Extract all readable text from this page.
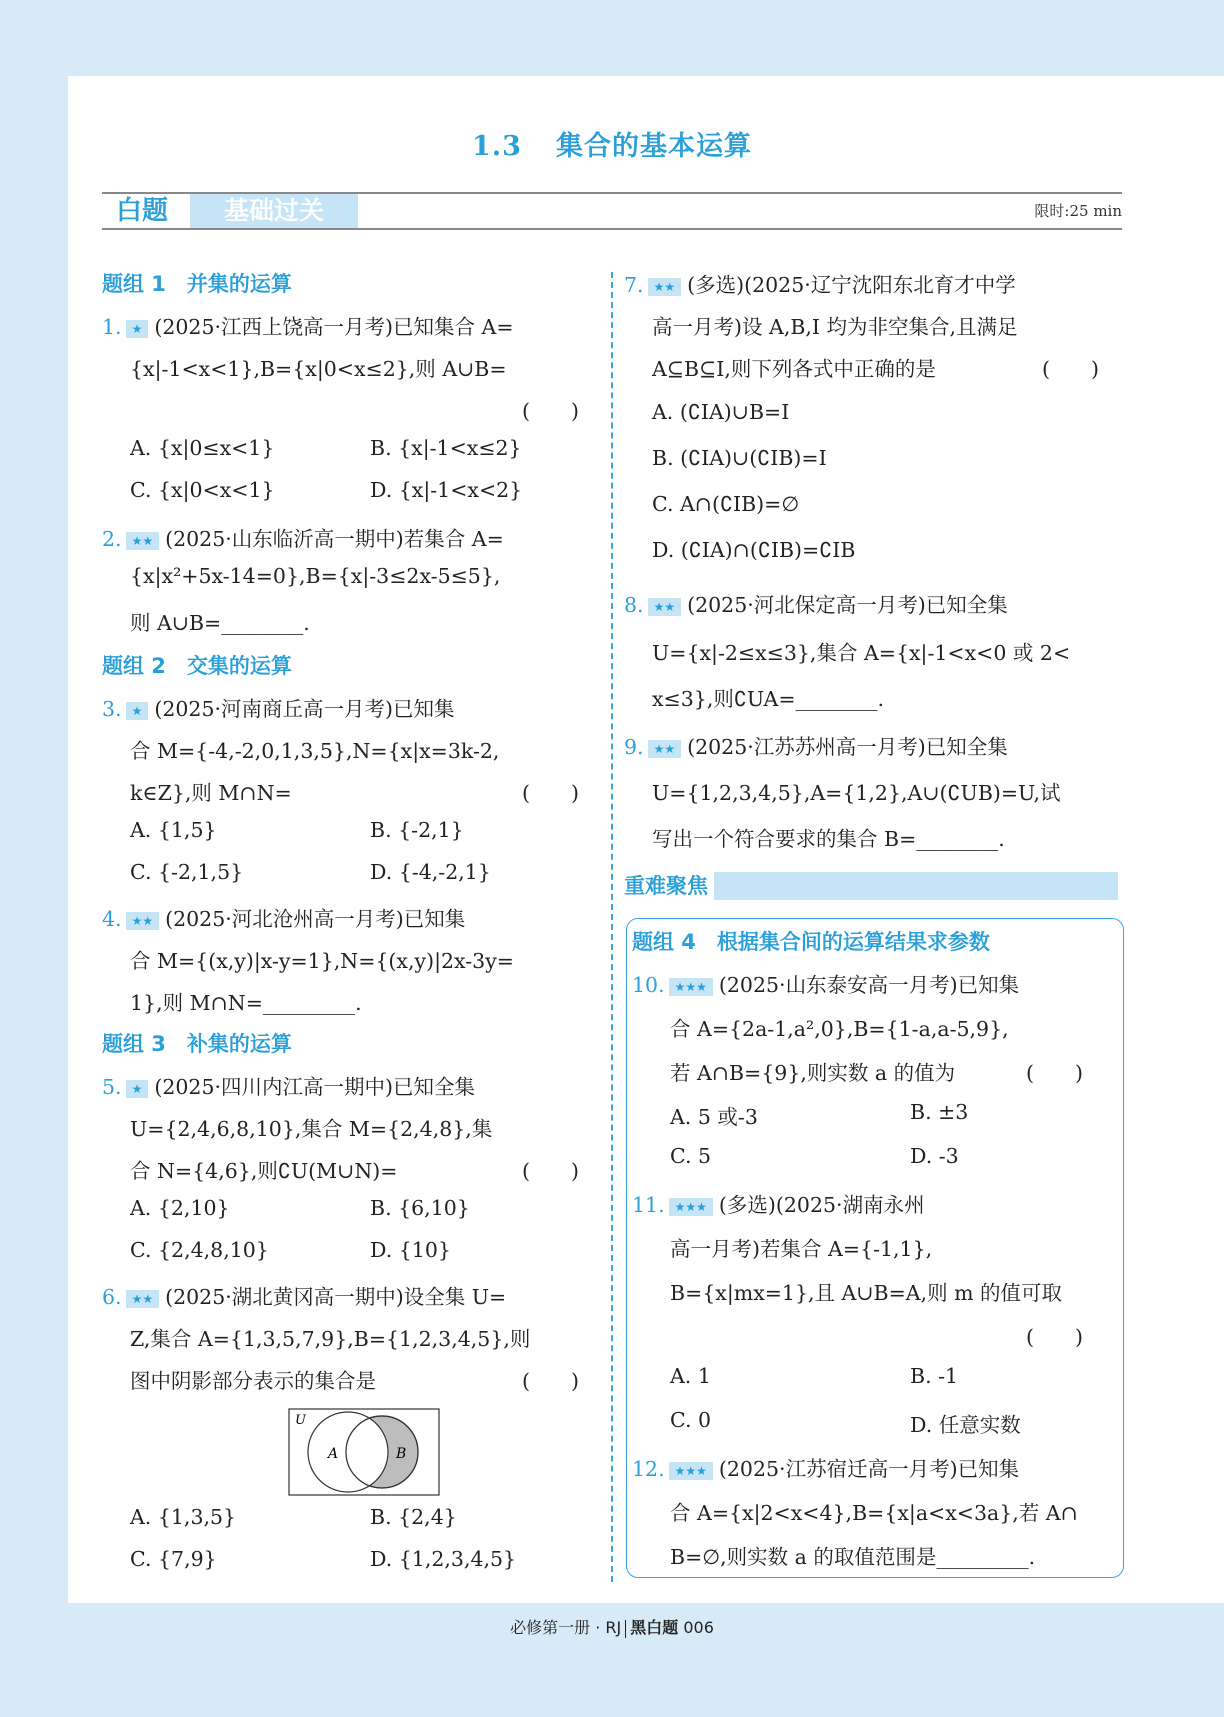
1.3 集合的基本运算
白题	基础过关	限时:25 min
题组 1　并集的运算
1. ★ (2025·江西上饶高一月考)已知集合 A=
{x|-1<x<1},B={x|0<x≤2},则 A∪B=
(　　)
A. {x|0≤x<1}	B. {x|-1<x≤2}
C. {x|0<x<1}	D. {x|-1<x<2}
2. ★★ (2025·山东临沂高一期中)若集合 A=
{x|x²+5x-14=0},B={x|-3≤2x-5≤5},
则 A∪B=________.
题组 2　交集的运算
3. ★ (2025·河南商丘高一月考)已知集
合 M={-4,-2,0,1,3,5},N={x|x=3k-2,
k∈Z},则 M∩N=	(　　)
A. {1,5}	B. {-2,1}
C. {-2,1,5}	D. {-4,-2,1}
4. ★★ (2025·河北沧州高一月考)已知集
合 M={(x,y)|x-y=1},N={(x,y)|2x-3y=
1},则 M∩N=_________.
题组 3　补集的运算
5. ★ (2025·四川内江高一期中)已知全集
U={2,4,6,8,10},集合 M={2,4,8},集
合 N={4,6},则∁U(M∪N)=	(　　)
A. {2,10}	B. {6,10}
C. {2,4,8,10}	D. {10}
6. ★★ (2025·湖北黄冈高一期中)设全集 U=
Z,集合 A={1,3,5,7,9},B={1,2,3,4,5},则
图中阴影部分表示的集合是	(　　)
U
A	B
A. {1,3,5}	B. {2,4}
C. {7,9}	D. {1,2,3,4,5}
7. ★★ (多选)(2025·辽宁沈阳东北育才中学
高一月考)设 A,B,I 均为非空集合,且满足
A⊆B⊆I,则下列各式中正确的是	(　　)
A. (∁IA)∪B=I
B. (∁IA)∪(∁IB)=I
C. A∩(∁IB)=∅
D. (∁IA)∩(∁IB)=∁IB
8. ★★ (2025·河北保定高一月考)已知全集
U={x|-2≤x≤3},集合 A={x|-1<x<0 或 2<
x≤3},则∁UA=________.
9. ★★ (2025·江苏苏州高一月考)已知全集
U={1,2,3,4,5},A={1,2},A∪(∁UB)=U,试
写出一个符合要求的集合 B=________.
重难聚焦
题组 4　根据集合间的运算结果求参数
10. ★★★ (2025·山东泰安高一月考)已知集
合 A={2a-1,a²,0},B={1-a,a-5,9},
若 A∩B={9},则实数 a 的值为	(　　)
A. 5 或-3	B. ±3
C. 5	D. -3
11. ★★★ (多选)(2025·湖南永州
高一月考)若集合 A={-1,1},
B={x|mx=1},且 A∪B=A,则 m 的值可取
(　　)
A. 1	B. -1
C. 0	D. 任意实数
12. ★★★ (2025·江苏宿迁高一月考)已知集
合 A={x|2<x<4},B={x|a<x<3a},若 A∩
B=∅,则实数 a 的取值范围是_________.
必修第一册 · RJ 黑白题 006
